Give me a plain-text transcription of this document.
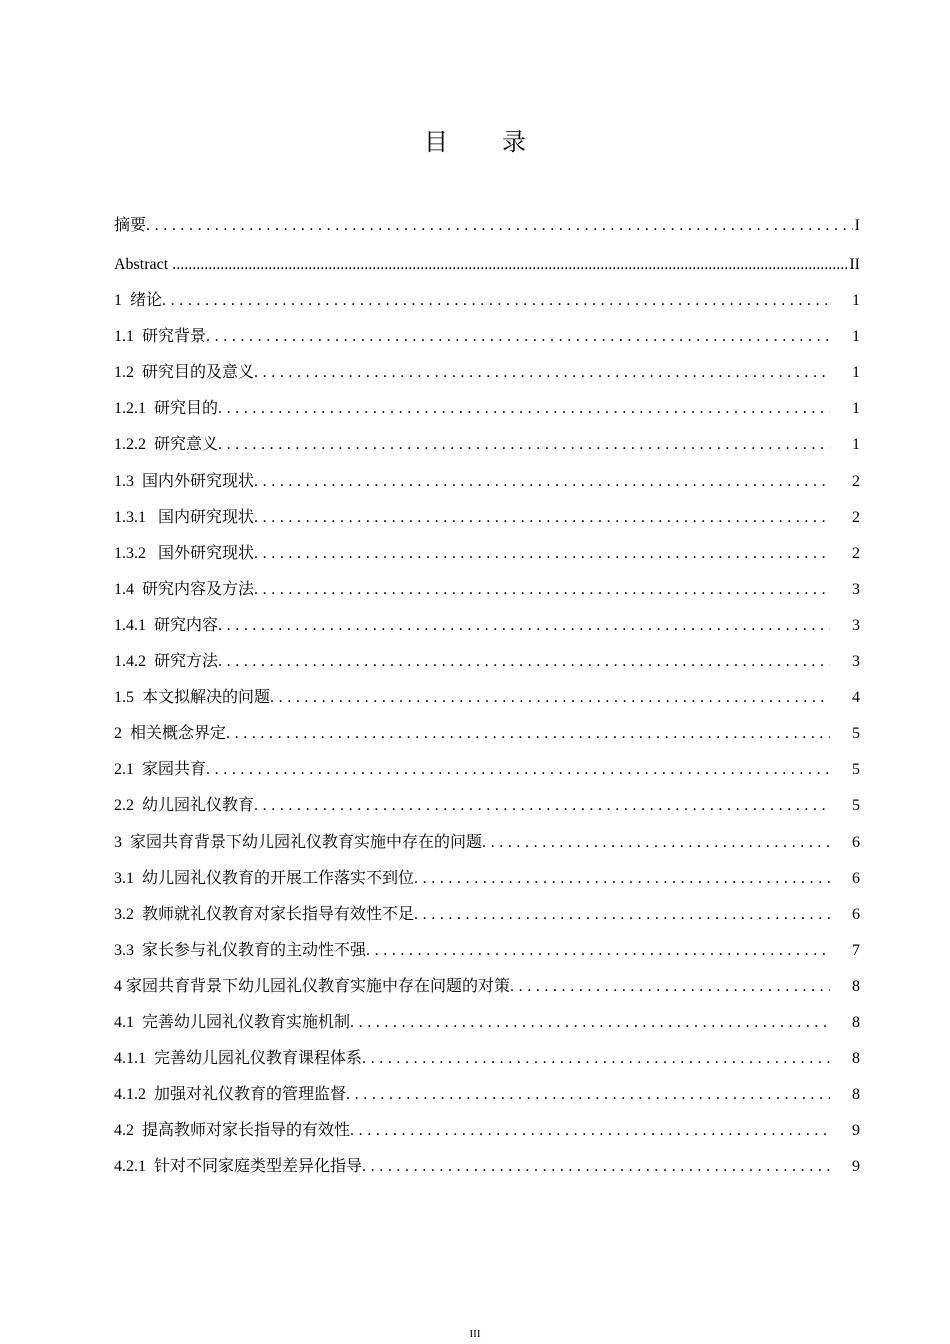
目 录
摘要 .....	I
Abstract .....	II
1  绪论 .....	1
1.1  研究背景 .....	1
1.2  研究目的及意义 .....	1
1.2.1  研究目的 .....	1
1.2.2  研究意义 .....	1
1.3  国内外研究现状 .....	2
1.3.1   国内研究现状 .....	2
1.3.2   国外研究现状 .....	2
1.4  研究内容及方法 .....	3
1.4.1  研究内容 .....	3
1.4.2  研究方法 .....	3
1.5  本文拟解决的问题 .....	4
2  相关概念界定 .....	5
2.1  家园共育 .....	5
2.2  幼儿园礼仪教育 .....	5
3  家园共育背景下幼儿园礼仪教育实施中存在的问题 .....	6
3.1  幼儿园礼仪教育的开展工作落实不到位 .....	6
3.2  教师就礼仪教育对家长指导有效性不足 .....	6
3.3  家长参与礼仪教育的主动性不强 .....	7
4 家园共育背景下幼儿园礼仪教育实施中存在问题的对策 .....	8
4.1  完善幼儿园礼仪教育实施机制 .....	8
4.1.1  完善幼儿园礼仪教育课程体系 .....	8
4.1.2  加强对礼仪教育的管理监督 .....	8
4.2  提高教师对家长指导的有效性 .....	9
4.2.1  针对不同家庭类型差异化指导 .....	9
III
